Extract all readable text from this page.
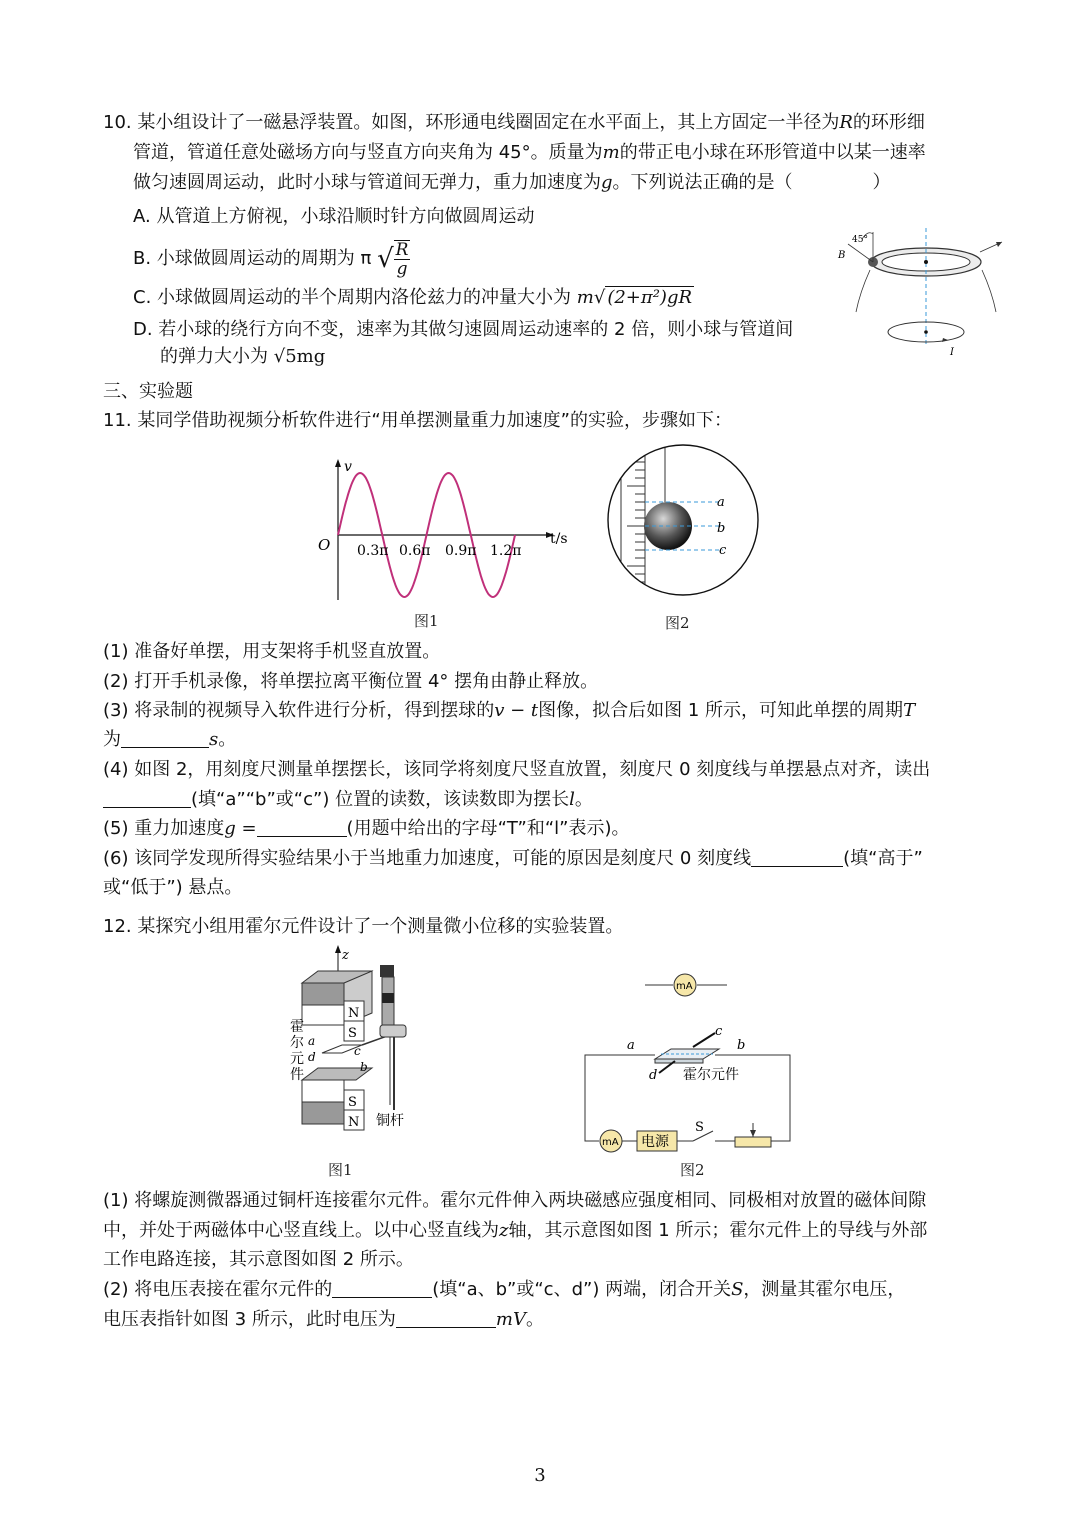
10. 某小组设计了一磁悬浮装置。如图，环形通电线圈固定在水平面上，其上方固定一半径为R的环形细
管道，管道任意处磁场方向与竖直方向夹角为 45°。质量为m的带正电小球在环形管道中以某一速率
做匀速圆周运动，此时小球与管道间无弹力，重力加速度为g。下列说法正确的是（	）
A. 从管道上方俯视，小球沿顺时针方向做圆周运动
B. 小球做圆周运动的周期为 π √ $\frac{R}{g}$
C. 小球做圆周运动的半个周期内洛伦兹力的冲量大小为 m√ (2+π²)gR
D. 若小球的绕行方向不变，速率为其做匀速圆周运动速率的 2 倍，则小球与管道间
的弹力大小为 √5mg
45°
B
I
三、实验题
11. 某同学借助视频分析软件进行“用单摆测量重力加速度”的实验，步骤如下：
v
t/s
O 0.3π 0.6π 0.9π 1.2π
图1
a
b
c
图2
(1) 准备好单摆，用支架将手机竖直放置。
(2) 打开手机录像，将单摆拉离平衡位置 4° 摆角由静止释放。
(3) 将录制的视频导入软件进行分析，得到摆球的v − t图像，拟合后如图 1 所示，可知此单摆的周期T
为	s。
(4) 如图 2，用刻度尺测量单摆摆长，该同学将刻度尺竖直放置，刻度尺 0 刻度线与单摆悬点对齐，读出
(填“a”“b”或“c”) 位置的读数，该读数即为摆长l。
(5) 重力加速度g =	(用题中给出的字母“T”和“l”表示)。
(6) 该同学发现所得实验结果小于当地重力加速度，可能的原因是刻度尺 0 刻度线	(填“高于”
或“低于”) 悬点。
12. 某探究小组用霍尔元件设计了一个测量微小位移的实验装置。
z
N
S
S
N
霍
尔
元
件
a
d	c
b
铜杆
图1
mA
a	b
c
d 霍尔元件
mA 电源
S
图2
(1) 将螺旋测微器通过铜杆连接霍尔元件。霍尔元件伸入两块磁感应强度相同、同极相对放置的磁体间隙
中，并处于两磁体中心竖直线上。以中心竖直线为z轴，其示意图如图 1 所示；霍尔元件上的导线与外部
工作电路连接，其示意图如图 2 所示。
(2) 将电压表接在霍尔元件的	(填“a、b”或“c、d”) 两端，闭合开关S，测量其霍尔电压，
电压表指针如图 3 所示，此时电压为	mV。
3
